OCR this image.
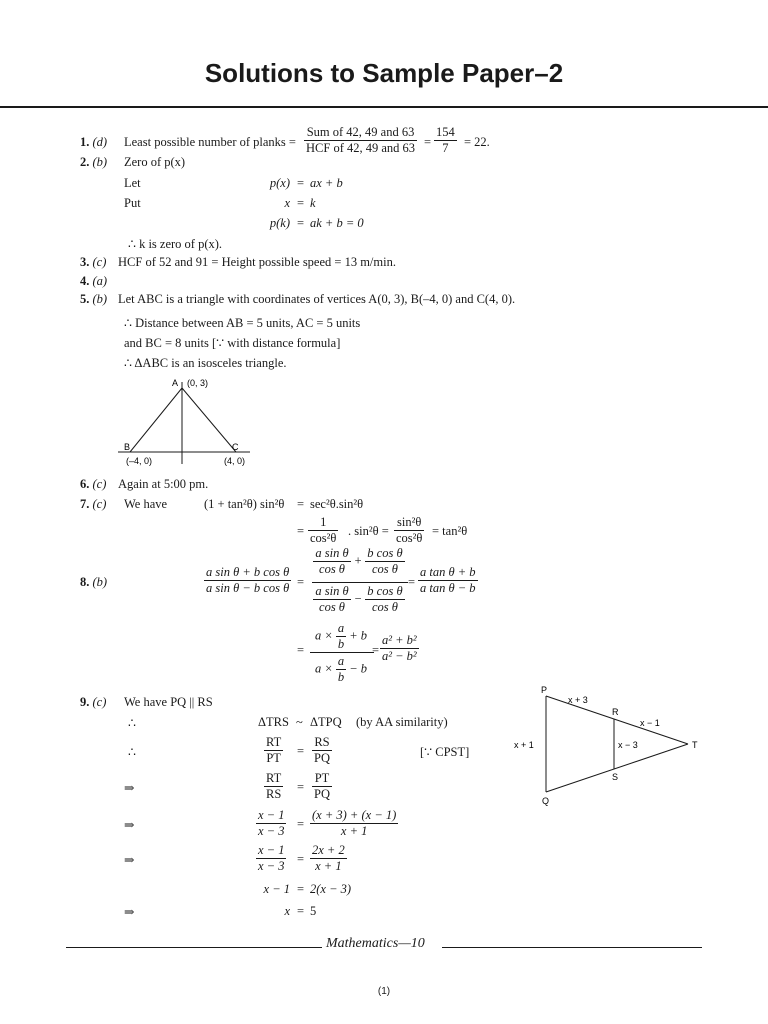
Solutions to Sample Paper–2
1. (d) Least possible number of planks = $\frac{\text{Sum of 42, 49 and 63}}{\text{HCF of 42, 49 and 63}} = \frac{154}{7} = 22$.
2. (b) Zero of p(x)
Let
Put
p(x) = ax + b
x = k
p(k) = ak + b = 0
∴ k is zero of p(x).
3. (c) HCF of 52 and 91 = Height possible speed = 13 m/min.
4. (a)
5. (b) Let ABC is a triangle with coordinates of vertices A(0, 3), B(–4, 0) and C(4, 0).
∴ Distance between AB = 5 units, AC = 5 units
and BC = 8 units [∵ with distance formula]
∴ ΔABC is an isosceles triangle.
A (0, 3)
B
(–4, 0)
C
(4, 0)
6. (c) Again at 5:00 pm.
7. (c) We have	(1 + tan²θ) sin²θ = sec²θ.sin²θ
= $\frac{1}{\text{cos²θ}}$ . $\sin^2\theta = \frac{\text{sin²θ}}{\text{cos²θ}} = \tan^2\theta$
8. (b)	$\frac{\text{a sin θ + b cos θ}}{\text{a sin θ − b cos θ}}$ =
$\frac{\text{a sin θ}}{\text{cos θ}} + \frac{\text{b cos θ}}{\text{cos θ}}$
$\frac{\text{a sin θ}}{\text{cos θ}} - \frac{\text{b cos θ}}{\text{cos θ}}$
= $\frac{\text{a tan θ + b}}{\text{a tan θ − b}}$
=
$a \times \frac{a}{b} + b$
$a \times \frac{a}{b} - b$
= $\frac{\text{a² + b²}}{\text{a² − b²}}$
9. (c) We have PQ || RS
∴	ΔTRS ~ ΔTPQ (by AA similarity)
∴	$\frac{RT}{PT} = \frac{RS}{PQ}$	[∵ CPST]
⇒	$\frac{RT}{RS} = \frac{PT}{PQ}$
⇒	$\frac{x - 1}{x - 3} = \frac{(x + 3) + (x - 1)}{x + 1}$
⇒	$\frac{x - 1}{x - 3} = \frac{2x + 2}{x + 1}$
x − 1 = 2(x − 3)
⇒	x = 5
P
Q
R
S
T
x + 3
x − 1
x + 1	x − 3
Mathematics—10
(1)
